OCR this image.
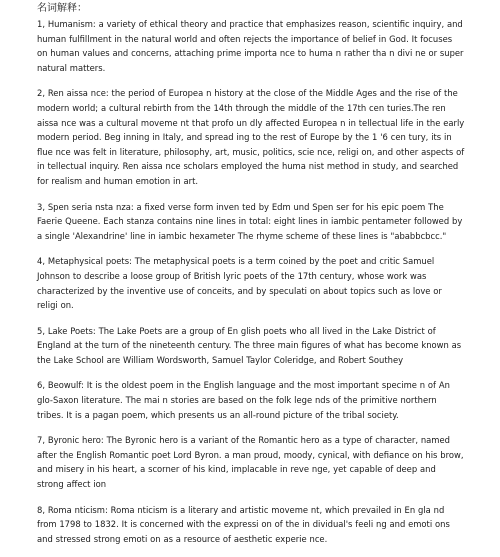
名词解释：

1, Humanism: a variety of ethical theory and practice that emphasizes reason, scientific inquiry, and human fulfillment in the natural world and often rejects the importance of belief in God. It focuses on human values and concerns, attaching prime importa nce to huma n rather tha n divi ne or super natural matters.

2, Ren aissa nce: the period of Europea n history at the close of the Middle Ages and the rise of the modern world; a cultural rebirth from the 14th through the middle of the 17th cen turies.The ren aissa nce was a cultural moveme nt that profo un dly affected Europea n in tellectual life in the early modern period. Beg inning in Italy, and spread ing to the rest of Europe by the 1 '6 cen tury, its in flue nce was felt in literature, philosophy, art, music, politics, scie nce, religi on, and other aspects of in tellectual inquiry. Ren aissa nce scholars employed the huma nist method in study, and searched for realism and human emotion in art.

3, Spen seria nsta nza: a fixed verse form inven ted by Edm und Spen ser for his epic poem The Faerie Queenе. Each stanza contains nine lines in total: eight lines in iambic pentameter followed by a single 'Alexandrine' line in iambic hexameter The rhyme scheme of these lines is "ababbcbcc."

4, Metaphysical poets: The metaphysical poets is a term coined by the poet and critic Samuel Johnson to describe a loose group of British lyric poets of the 17th century, whose work was characterized by the inventive use of conceits, and by speculati on about topics such as love or religi on.

5, Lake Poets: The Lake Poets are a group of En glish poets who all lived in the Lake District of England at the turn of the nineteenth century. The three main figures of what has become known as the Lake School are William Wordsworth, Samuel Taylor Coleridge, and Robert Southey

6, Beowulf: It is the oldest poem in the English language and the most important specime n of An glo-Saxon literature. The mai n stories are based on the folk lege nds of the primitive northern tribes. It is a pagan poem, which presents us an all-round picture of the tribal society.

7, Byronic hero: The Byronic hero is a variant of the Romantic hero as a type of character, named after the English Romantic poet Lord Byron. a man proud, moody, cynical, with defiance on his brow, and misery in his heart, a scorner of his kind, implacable in reve nge, yet capable of deep and strong affect ion

8, Roma nticism: Roma nticism is a literary and artistic moveme nt, which prevailed in En gla nd from 1798 to 1832. It is concerned with the expressi on of the in dividual's feeli ng and emoti ons and stressed strong emoti on as a resource of aesthetic experie nce.
